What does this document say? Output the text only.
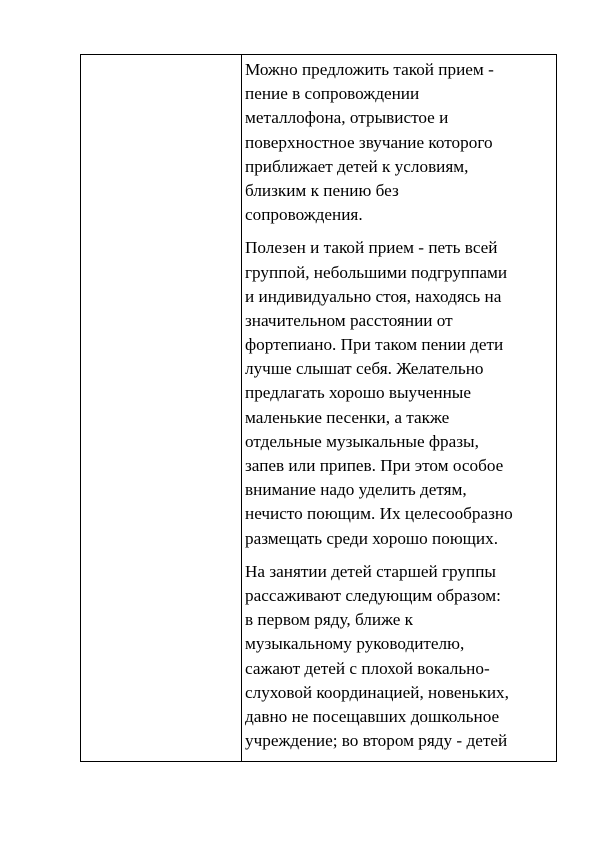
Можно предложить такой прием -
пение в сопровождении
металлофона, отрывистое и
поверхностное звучание которого
приближает детей к условиям,
близким к пению без
сопровождения.
Полезен и такой прием - петь всей
группой, небольшими подгруппами
и индивидуально стоя, находясь на
значительном расстоянии от
фортепиано. При таком пении дети
лучше слышат себя. Желательно
предлагать хорошо выученные
маленькие песенки, а также
отдельные музыкальные фразы,
запев или припев. При этом особое
внимание надо уделить детям,
нечисто поющим. Их целесообразно
размещать среди хорошо поющих.
На занятии детей старшей группы
рассаживают следующим образом:
в первом ряду, ближе к
музыкальному руководителю,
сажают детей с плохой вокально-
слуховой координацией, новеньких,
давно не посещавших дошкольное
учреждение; во втором ряду - детей
